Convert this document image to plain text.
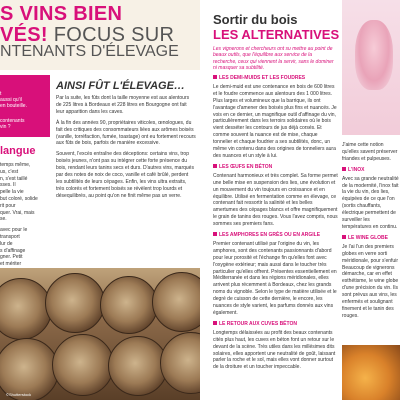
S VINS BIEN
VÉS! FOCUS SUR
NTENANTS D'ÉLEVAGE
t
aussi qu'il
en bouteille.
contenants
vin ?
langue

temps même,
us, c'est
n, s'est taillé
sses. Il
pelle la vie
but coloré, solide
rit pour
quer. Vrai, mais
se.

avec pour le
transport
lur de
s d'affinage
gner. Petit
et mériter

AINSI FÛT L'ÉLEVAGE…

Par la suite, les fûts dont la taille moyenne est aux alentours de 225 litres à Bordeaux et 228 litres en Bourgogne ont fait leur apparition dans les caves.

À la fin des années 90, propriétaires viticoles, œnologues, du fait des critiques des consommateurs liées aux arômes boisés (vanille, torréfaction, fumée, toastage) ont eu fortement recours aux fûts de bois, parfois de manière excessive.

Souvent, l'excès entraîne des déceptions: certains vins, trop boisés jeunes, n'ont pas su intégrer cette forte présence du bois, rendant leurs tanins secs et durs. D'autres vins, marqués par des notes de noix de coco, vanille et café brûlé, perdent les subtilités de leurs cépages. Enfin, les vins ultra extraits, très colorés et fortement boisés se révèlent trop lourds et désequilibrés, au point qu'on ne finit même pas un verre.

©Shutterstock
Sortir du bois
LES ALTERNATIVES
Les vignerons et chercheurs ont su mettre au point de beaux outils, que l'équilibre aux service de la recherche, ceux qui viennent la servir, sans le dominer ni masquer sa subtilité.
LES DEMI-MUIDS ET LES FOUDRES

Le demi-muid est une contenance en bois de 600 litres et le foudre commence aux alentours des 1 000 litres. Plus larges et volumineux que la barrique, ils ont l'avantage d'amener des boisés plus fins et nuancés. Je vois en ce dernier, un magnifique outil d'affinage du vin, particulièrement dans les terroirs solidaires où le bois vient desséter les contours de jus déjà corsés. Et comme souvent la nuance est de mise, chaque tonnelier et chaque foudrier a ses subtilités, donc, un même vin contenu dans des origines de tonneliers aura des nuances et un style à lui.

LES ŒUFS EN BÉTON

Contenant harmonieux et très complet. Sa forme permet une belle mise en suspension des lies, une évolution et un mouvement du vin toujours en croissance et en équilibre. Utilisé en fermentation comme en élevage, ce contenant fait ressortir la salinité et les belles amertumes des cépages blancs et offre magnifiquement le grain de tanins des rouges. Vous l'avez compris, nous sommes ses premiers fans.

LES AMPHORES EN GRÈS OU EN ARGILE

Premier contenant utilisé par l'origine du vin, les amphores, sont des contenants passionnants d'abord pour leur porosité et l'échange fin qu'elles font avec l'oxygène extérieur; mais aussi dans le toucher très particulier qu'elles offrent. Présentes essentiellement en Méditerranée et dans les régions méridionales, elles arrivent plus récemment à Bordeaux, chez les grands noms du vignoble. Selon le type de matière utilisée et le degré de cuisson de cette dernière, le encore, les nuances de style varient, les parfums donnés aux vins également.

LE RETOUR AUX CUVES BÉTON

Longtemps délaissées au profit des beaux contenants cités plus haut, les cuves en béton font un retour sur le devant de la scène. Très utiles dans les millésimes dits solaires, elles apportent une neutralité de goût, laissant parler la roche et le sol, mais elles vont donner surtout de la droiture et un toucher impeccable.

J'aime cette notion qu'elles savent préserver friandes et pulpeuses.

L'INOX

Avec sa grande neutralité de la modernité, l'inox fait la vie du vin, des lies, équipées de ce que l'on (sortis chauffants, électrique permettent de surveiller les températures en continu.

LE WINE GLOBE

Je l'ai l'un des premiers globes en verre sorti méridionale, pour s'enfuir Beaucoup de vignerons démarche, car en effet esthétisme, le wine globe d'une précision du vin. Ils sont prévus aux vins, les enfermés et soulignant finement et le tanin des rouges.
